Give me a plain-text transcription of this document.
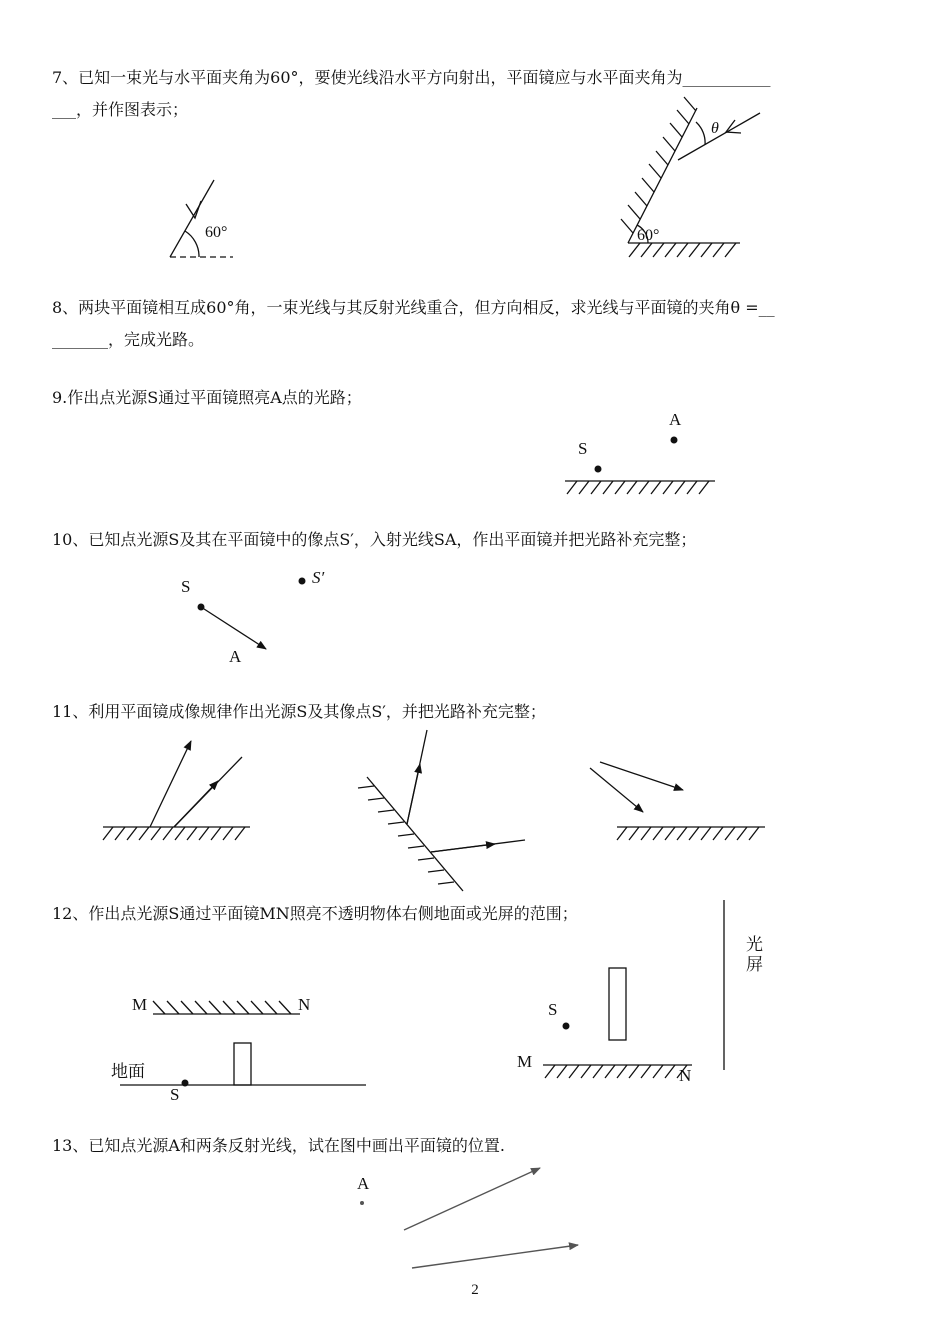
7、已知一束光与水平面夹角为60°，要使光线沿水平方向射出，平面镜应与水平面夹角为___________
___，并作图表示；
8、两块平面镜相互成60°角，一束光线与其反射光线重合，但方向相反，求光线与平面镜的夹角θ =__
_______，完成光路。
9.作出点光源S通过平面镜照亮A点的光路；
10、已知点光源S及其在平面镜中的像点S′，入射光线SA，作出平面镜并把光路补充完整；
11、利用平面镜成像规律作出光源S及其像点S′，并把光路补充完整；
12、作出点光源S通过平面镜MN照亮不透明物体右侧地面或光屏的范围；
13、已知点光源A和两条反射光线，试在图中画出平面镜的位置.
60°	60°
θ
S
A
S	S′
A
M	N
地面
S
S
M
N
光
屏
A
2
